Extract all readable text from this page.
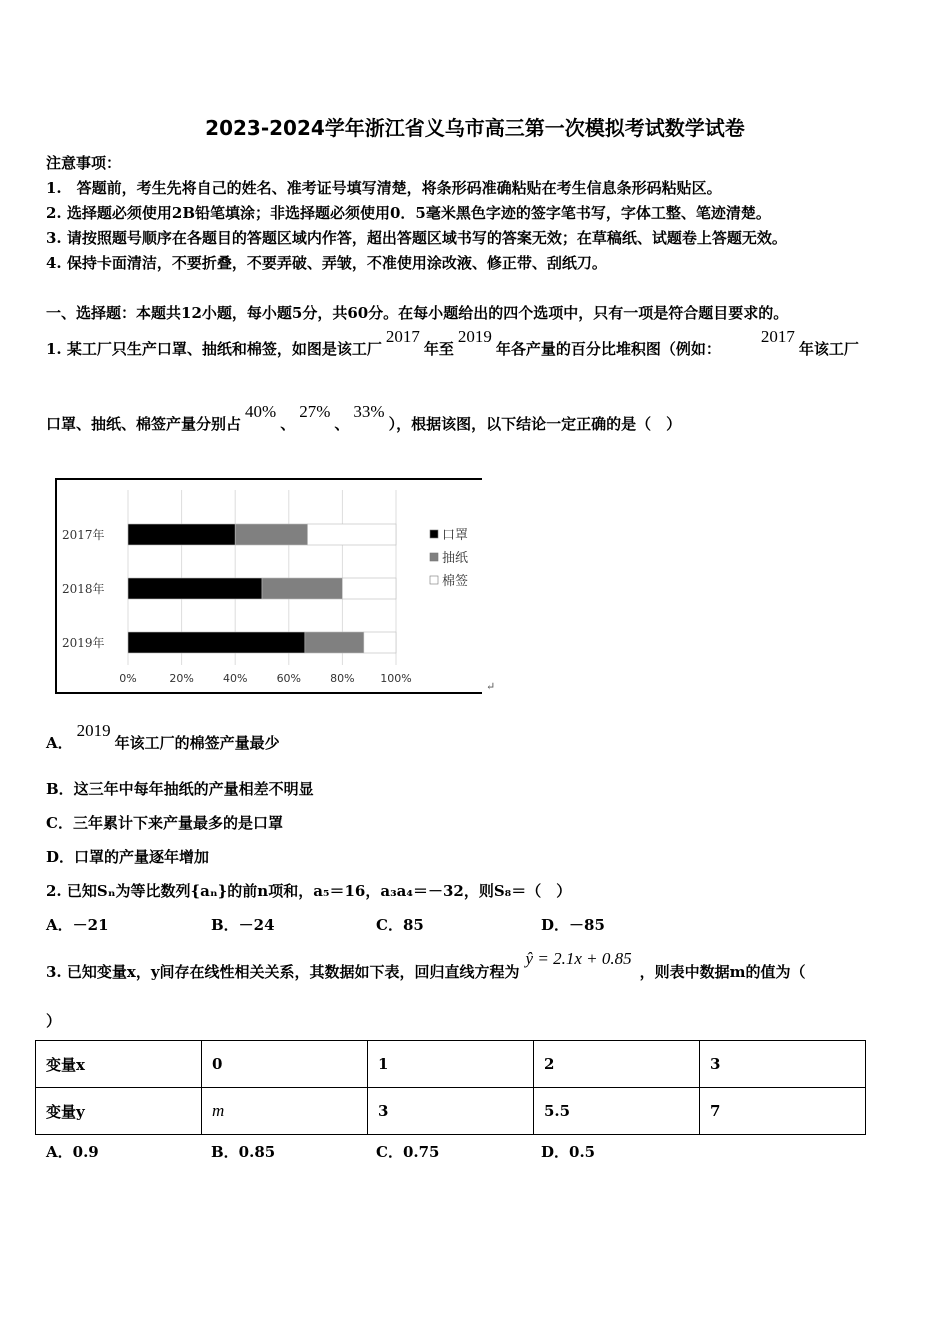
2023-2024学年浙江省义乌市高三第一次模拟考试数学试卷
注意事项：
1.　答题前，考生先将自己的姓名、准考证号填写清楚，将条形码准确粘贴在考生信息条形码粘贴区。
2. 选择题必须使用2B铅笔填涂；非选择题必须使用0．5毫米黑色字迹的签字笔书写，字体工整、笔迹清楚。
3. 请按照题号顺序在各题目的答题区域内作答，超出答题区域书写的答案无效；在草稿纸、试题卷上答题无效。
4. 保持卡面清洁，不要折叠，不要弄破、弄皱，不准使用涂改液、修正带、刮纸刀。
一、选择题：本题共12小题，每小题5分，共60分。在每小题给出的四个选项中，只有一项是符合题目要求的。
1. 某工厂只生产口罩、抽纸和棉签，如图是该工厂2017年至2019年各产量的百分比堆积图（例如：2017年该工厂
口罩、抽纸、棉签产量分别占40%、27%、33%），根据该图，以下结论一定正确的是（　）
0%	20%	40%	60%	80% 100%
2017年
2018年
2019年
口罩
抽纸
棉签
↵
A．2019年该工厂的棉签产量最少
B．这三年中每年抽纸的产量相差不明显
C．三年累计下来产量最多的是口罩
D．口罩的产量逐年增加
2. 已知Sₙ为等比数列{aₙ}的前n项和，a₅＝16，a₃a₄＝－32，则S₈＝（　）
A．－21	B．－24	C．85	D．－85
3. 已知变量x，y间存在线性相关关系，其数据如下表，回归直线方程为ŷ = 2.1x + 0.85，则表中数据m的值为（
）
变量x	0	1	2	3
变量y	m	3	5.5	7
A．0.9	B．0.85	C．0.75	D．0.5
